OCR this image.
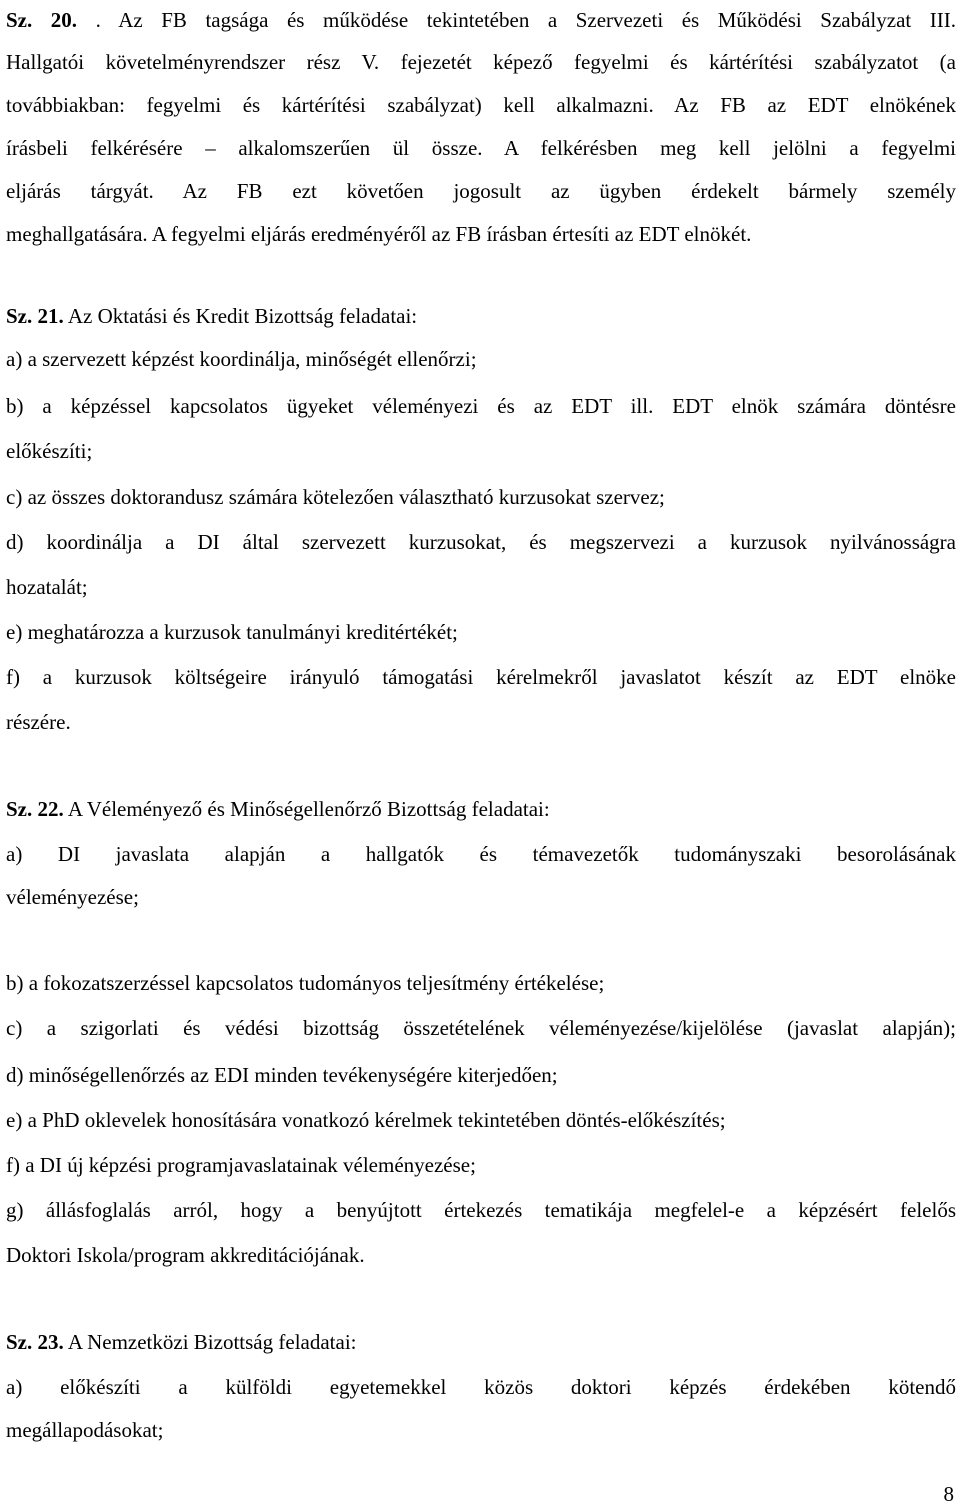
Sz. 20. . Az FB tagsága és működése tekintetében a Szervezeti és Működési Szabályzat III.
Hallgatói követelményrendszer rész V. fejezetét képező fegyelmi és kártérítési szabályzatot (a
továbbiakban: fegyelmi és kártérítési szabályzat) kell alkalmazni. Az FB az EDT elnökének
írásbeli felkérésére – alkalomszerűen ül össze. A felkérésben meg kell jelölni a fegyelmi
eljárás tárgyát. Az FB ezt követően jogosult az ügyben érdekelt bármely személy
meghallgatására. A fegyelmi eljárás eredményéről az FB írásban értesíti az EDT elnökét.
Sz. 21. Az Oktatási és Kredit Bizottság feladatai:
a) a szervezett képzést koordinálja, minőségét ellenőrzi;
b) a képzéssel kapcsolatos ügyeket véleményezi és az EDT ill. EDT elnök számára döntésre
előkészíti;
c) az összes doktorandusz számára kötelezően választható kurzusokat szervez;
d) koordinálja a DI által szervezett kurzusokat, és megszervezi a kurzusok nyilvánosságra
hozatalát;
e) meghatározza a kurzusok tanulmányi kreditértékét;
f) a kurzusok költségeire irányuló támogatási kérelmekről javaslatot készít az EDT elnöke
részére.
Sz. 22. A Véleményező és Minőségellenőrző Bizottság feladatai:
a) DI javaslata alapján a hallgatók és témavezetők tudományszaki besorolásának
véleményezése;
b) a fokozatszerzéssel kapcsolatos tudományos teljesítmény értékelése;
c) a szigorlati és védési bizottság összetételének véleményezése/kijelölése (javaslat alapján);
d) minőségellenőrzés az EDI minden tevékenységére kiterjedően;
e) a PhD oklevelek honosítására vonatkozó kérelmek tekintetében döntés-előkészítés;
f) a DI új képzési programjavaslatainak véleményezése;
g) állásfoglalás arról, hogy a benyújtott értekezés tematikája megfelel-e a képzésért felelős
Doktori Iskola/program akkreditációjának.
Sz. 23. A Nemzetközi Bizottság feladatai:
a) előkészíti a külföldi egyetemekkel közös doktori képzés érdekében kötendő
megállapodásokat;
8
